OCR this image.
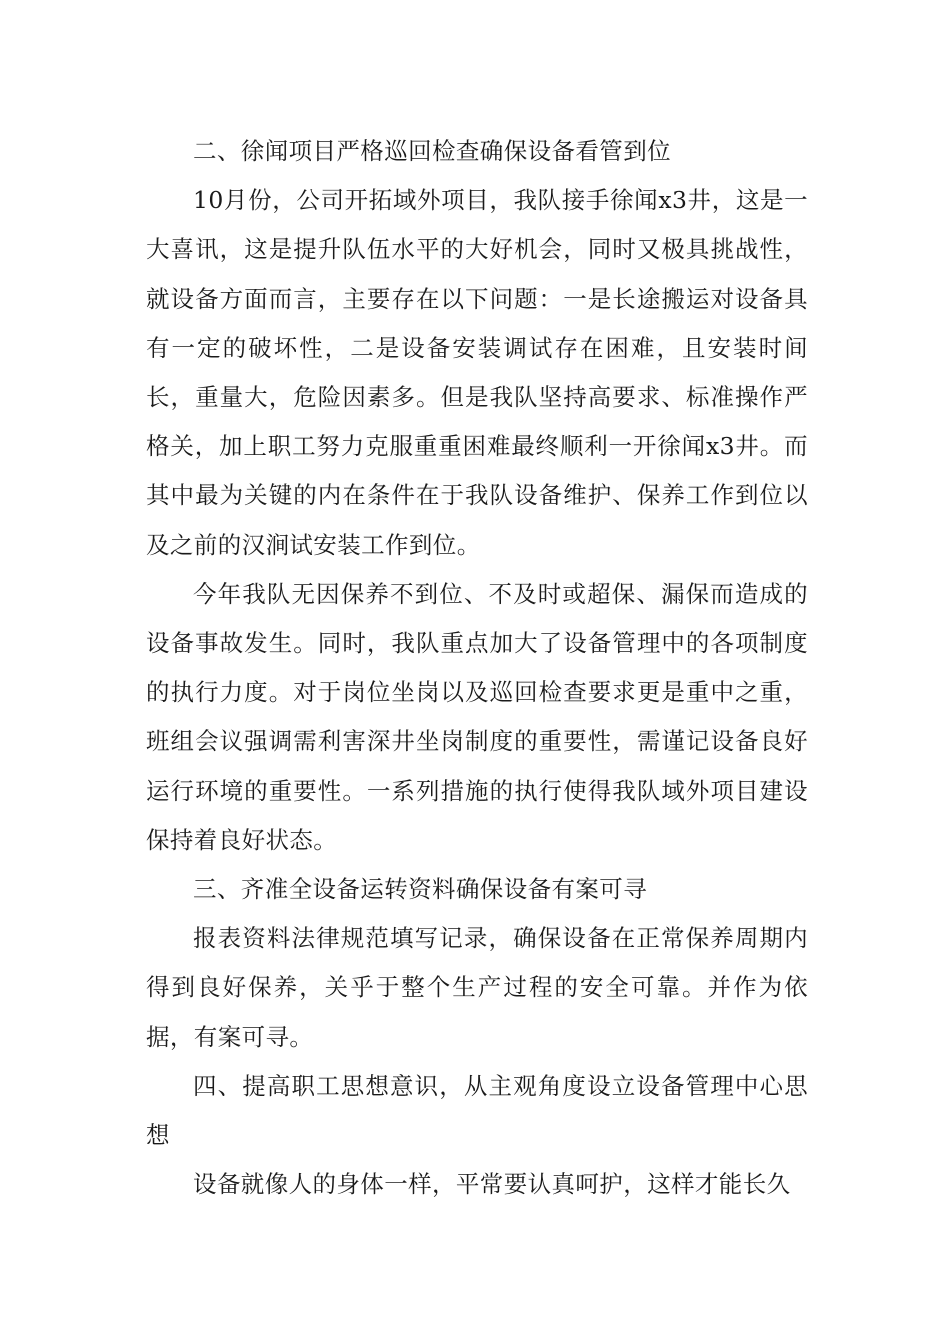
二、徐闻项目严格巡回检查确保设备看管到位

10月份，公司开拓域外项目，我队接手徐闻x3井，这是一大喜讯，这是提升队伍水平的大好机会，同时又极具挑战性，就设备方面而言，主要存在以下问题：一是长途搬运对设备具有一定的破坏性，二是设备安装调试存在困难，且安装时间长，重量大，危险因素多。但是我队坚持高要求、标准操作严格关，加上职工努力克服重重困难最终顺利一开徐闻x3井。而其中最为关键的内在条件在于我队设备维护、保养工作到位以及之前的汉涧试安装工作到位。

今年我队无因保养不到位、不及时或超保、漏保而造成的设备事故发生。同时，我队重点加大了设备管理中的各项制度的执行力度。对于岗位坐岗以及巡回检查要求更是重中之重，班组会议强调需利害深井坐岗制度的重要性，需谨记设备良好运行环境的重要性。一系列措施的执行使得我队域外项目建设保持着良好状态。

三、齐准全设备运转资料确保设备有案可寻

报表资料法律规范填写记录，确保设备在正常保养周期内得到良好保养，关乎于整个生产过程的安全可靠。并作为依据，有案可寻。

四、提高职工思想意识，从主观角度设立设备管理中心思想

设备就像人的身体一样，平常要认真呵护，这样才能长久
